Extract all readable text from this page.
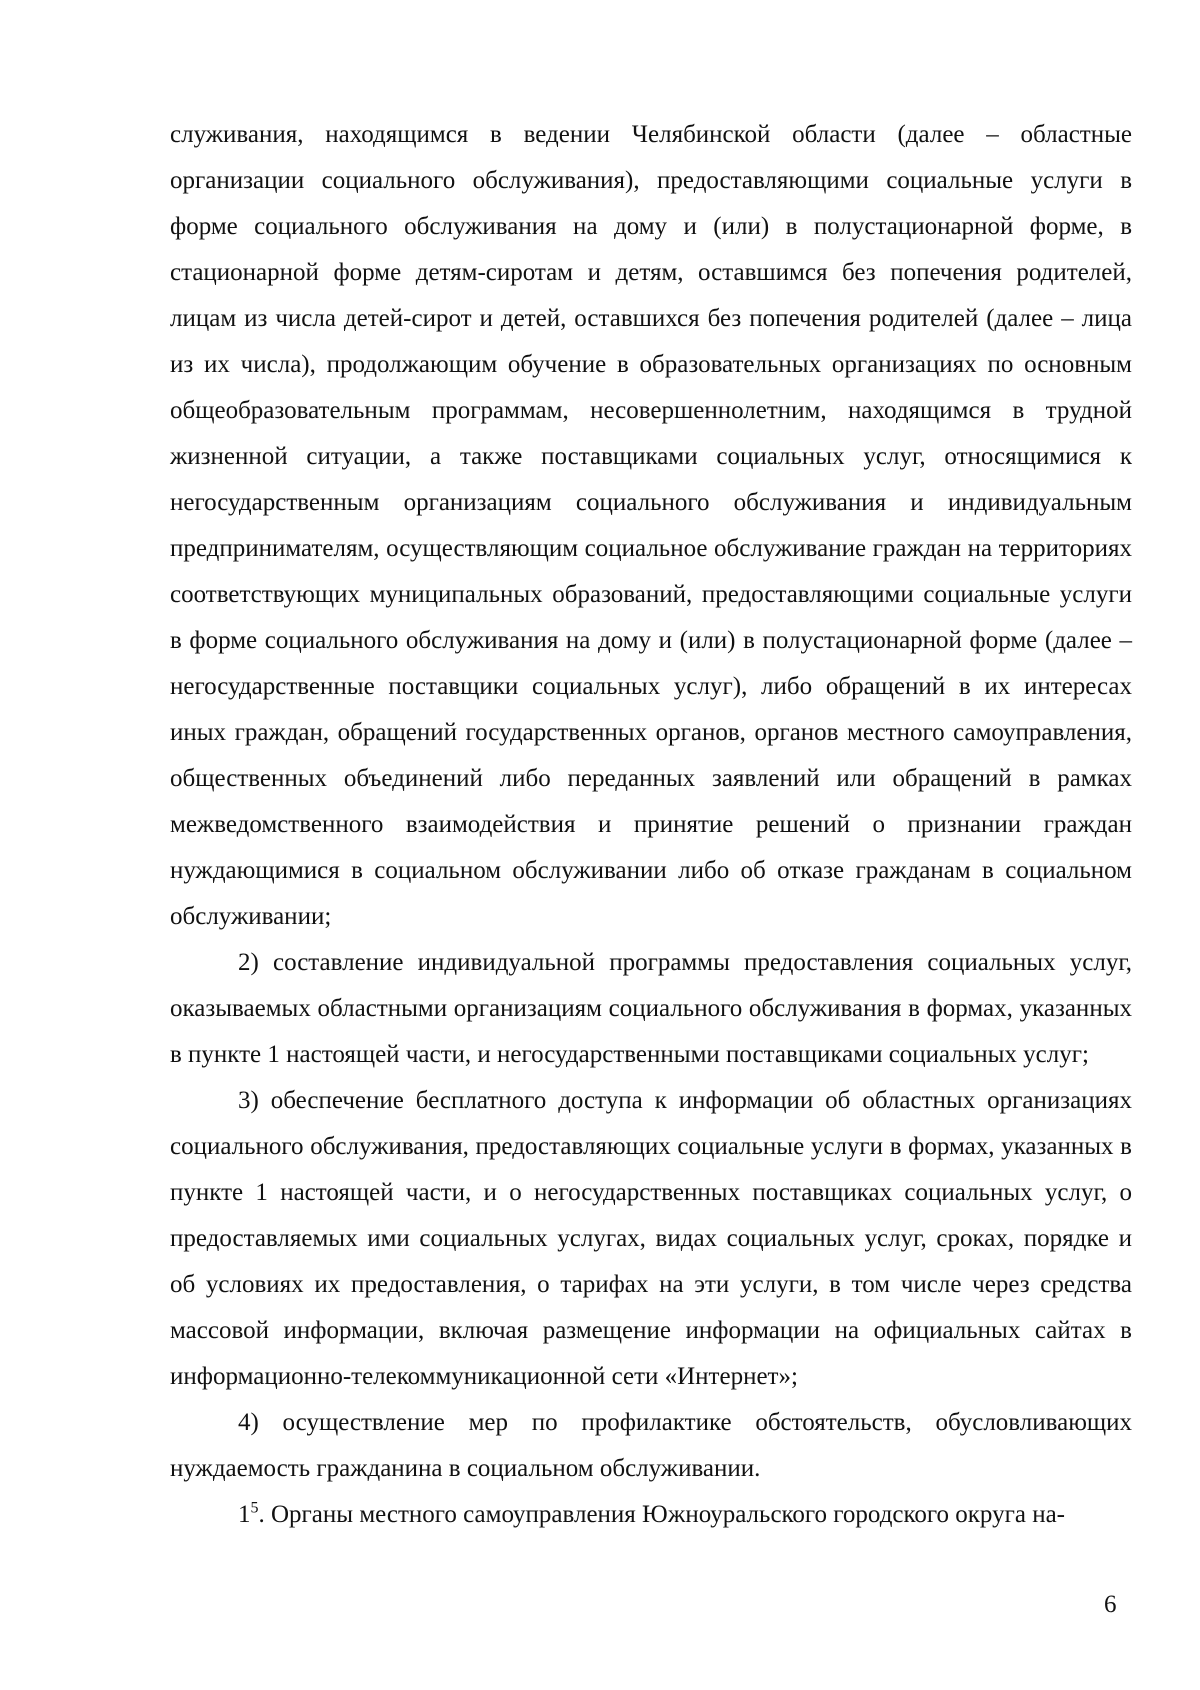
служивания, находящимся в ведении Челябинской области (далее – областные организации социального обслуживания), предоставляющими социальные услуги в форме социального обслуживания на дому и (или) в полустационарной форме, в стационарной форме детям-сиротам и детям, оставшимся без попечения родителей, лицам из числа детей-сирот и детей, оставшихся без попечения родителей (далее – лица из их числа), продолжающим обучение в образовательных организациях по основным общеобразовательным программам, несовершеннолетним, находящимся в трудной жизненной ситуации, а также поставщиками социальных услуг, относящимися к негосударственным организациям социального обслуживания и индивидуальным предпринимателям, осуществляющим социальное обслуживание граждан на территориях соответствующих муниципальных образований, предоставляющими социальные услуги в форме социального обслуживания на дому и (или) в полустационарной форме (далее – негосударственные поставщики социальных услуг), либо обращений в их интересах иных граждан, обращений государственных органов, органов местного самоуправления, общественных объединений либо переданных заявлений или обращений в рамках межведомственного взаимодействия и принятие решений о признании граждан нуждающимися в социальном обслуживании либо об отказе гражданам в социальном обслуживании;

2) составление индивидуальной программы предоставления социальных услуг, оказываемых областными организациям социального обслуживания в формах, указанных в пункте 1 настоящей части, и негосударственными поставщиками социальных услуг;

3) обеспечение бесплатного доступа к информации об областных организациях социального обслуживания, предоставляющих социальные услуги в формах, указанных в пункте 1 настоящей части, и о негосударственных поставщиках социальных услуг, о предоставляемых ими социальных услугах, видах социальных услуг, сроках, порядке и об условиях их предоставления, о тарифах на эти услуги, в том числе через средства массовой информации, включая размещение информации на официальных сайтах в информационно-телекоммуникационной сети «Интернет»;

4) осуществление мер по профилактике обстоятельств, обусловливающих нуждаемость гражданина в социальном обслуживании.

$1^5$. Органы местного самоуправления Южноуральского городского округа на-

6
